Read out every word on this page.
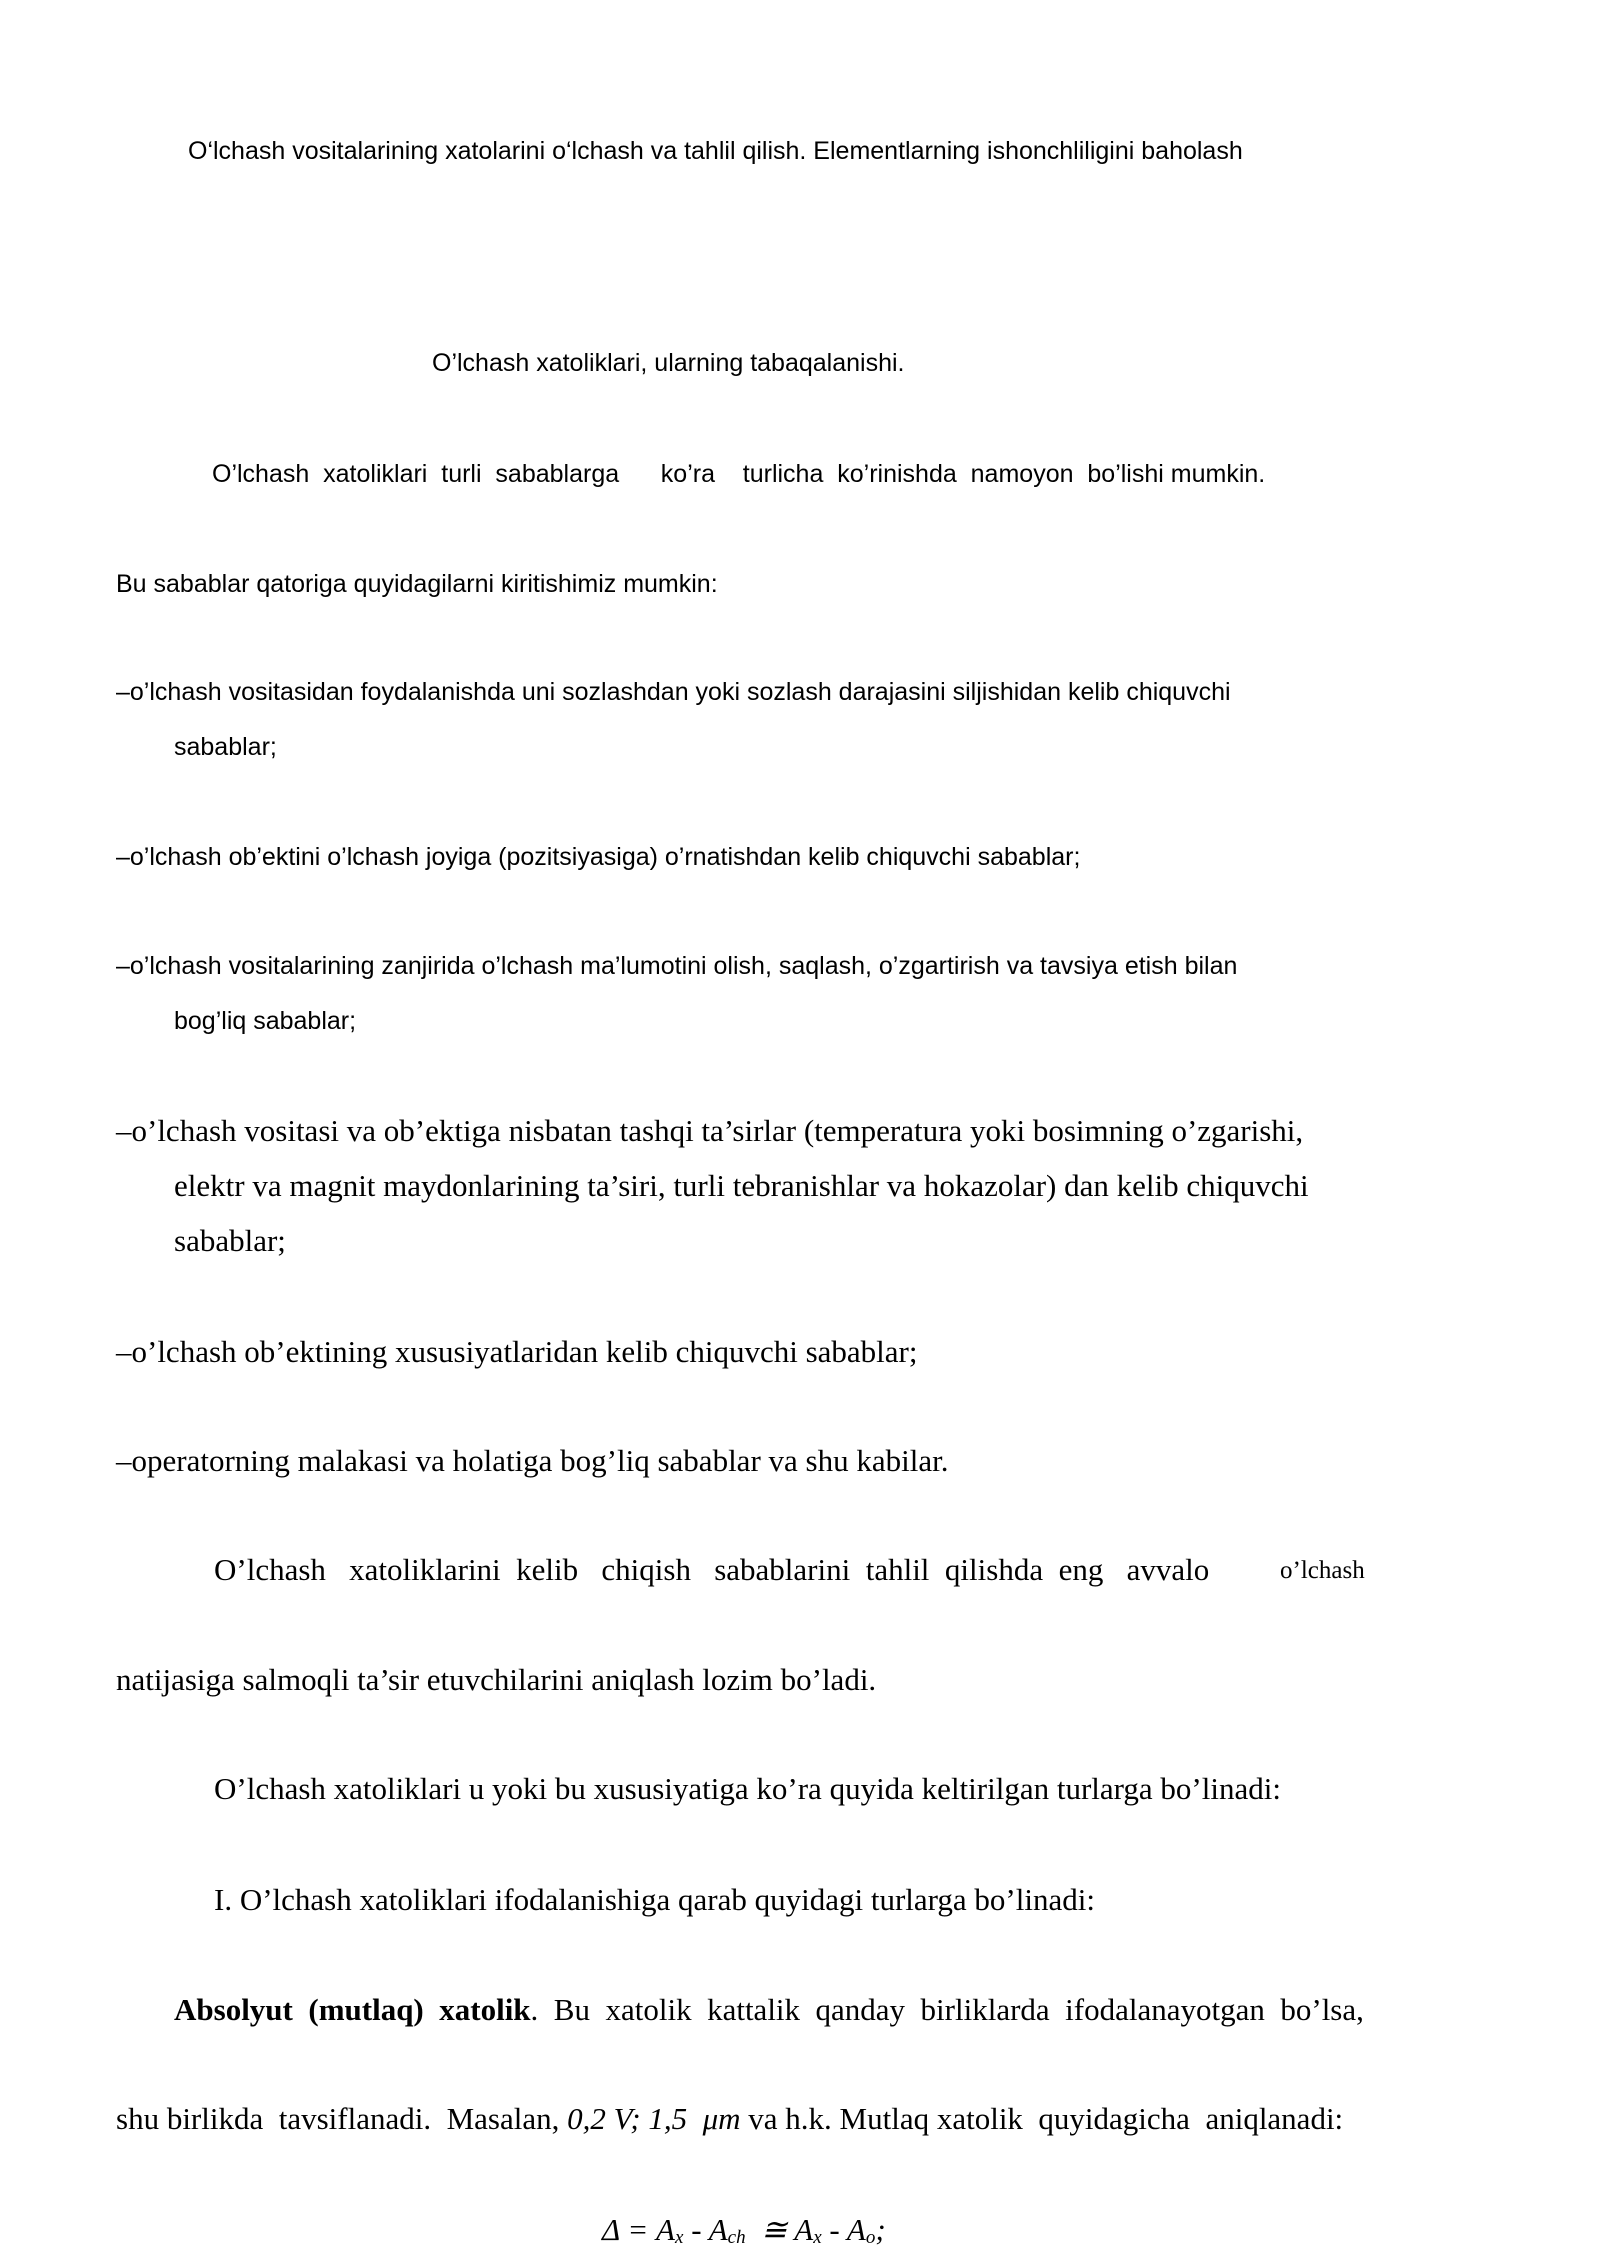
O‘lchash vositalarining xatolarini o‘lchash va tahlil qilish. Elementlarning ishonchliligini baholash
O’lchash xatoliklari, ularning tabaqalanishi.
O’lchash  xatoliklari  turli  sabablarga      ko’ra    turlicha  ko’rinishda  namoyon  bo’lishi mumkin.
Bu sabablar qatoriga quyidagilarni kiritishimiz mumkin:
–o’lchash vositasidan foydalanishda uni sozlashdan yoki sozlash darajasini siljishidan kelib chiquvchi
sabablar;
–o’lchash ob’ektini o’lchash joyiga (pozitsiyasiga) o’rnatishdan kelib chiquvchi sabablar;
–o’lchash vositalarining zanjirida o’lchash ma’lumotini olish, saqlash, o’zgartirish va tavsiya etish bilan
bog’liq sabablar;
–o’lchash vositasi va ob’ektiga nisbatan tashqi ta’sirlar (temperatura yoki bosimning o’zgarishi,
elektr va magnit maydonlarining ta’siri, turli tebranishlar va hokazolar) dan kelib chiquvchi
sabablar;
–o’lchash ob’ektining xususiyatlaridan kelib chiquvchi sabablar;
–operatorning malakasi va holatiga bog’liq sabablar va shu kabilar.
O’lchash   xatoliklarini  kelib   chiqish   sabablarini  tahlil  qilishda  eng   avvalo	o’lchash
natijasiga salmoqli ta’sir etuvchilarini aniqlash lozim bo’ladi.
O’lchash xatoliklari u yoki bu xususiyatiga ko’ra quyida keltirilgan turlarga bo’linadi:
I. O’lchash xatoliklari ifodalanishiga qarab quyidagi turlarga bo’linadi:
Absolyut  (mutlaq)  xatolik.  Bu  xatolik  kattalik  qanday  birliklarda  ifodalanayotgan  bo’lsa,
shu birlikda  tavsiflanadi.  Masalan, 0,2 V; 1,5  μm va h.k. Mutlaq xatolik  quyidagicha  aniqlanadi:
Δ = Ax - Ach  ≅ Ax - Ao;
